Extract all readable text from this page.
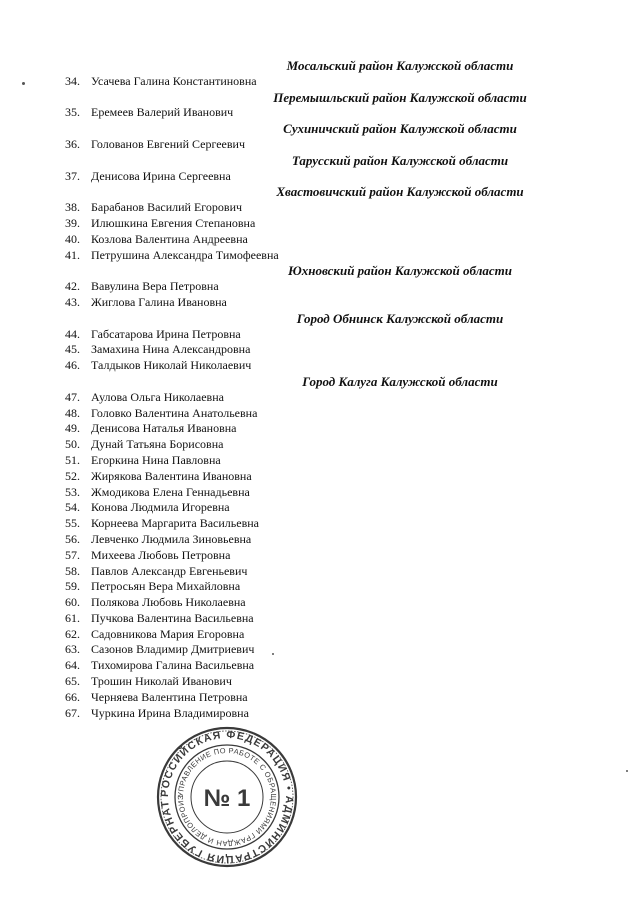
Мосальский район Калужской области
34. Усачева Галина Константиновна
Перемышльский район Калужской области
35. Еремеев Валерий Иванович
Сухиничский район Калужской области
36. Голованов Евгений Сергеевич
Тарусский район Калужской области
37. Денисова Ирина Сергеевна
Хвастовичский район Калужской области
38. Барабанов Василий Егорович
39. Илюшкина Евгения Степановна
40. Козлова Валентина Андреевна
41. Петрушина Александра Тимофеевна
Юхновский район Калужской области
42. Вавулина Вера Петровна
43. Жиглова Галина Ивановна
Город Обнинск Калужской области
44. Габсатарова Ирина Петровна
45. Замахина Нина Александровна
46. Талдыков Николай Николаевич
Город Калуга Калужской области
47. Аулова Ольга Николаевна
48. Головко Валентина Анатольевна
49. Денисова Наталья Ивановна
50. Дунай Татьяна Борисовна
51. Егоркина Нина Павловна
52. Жирякова Валентина Ивановна
53. Жмодикова Елена Геннадьевна
54. Конова Людмила Игоревна
55. Корнеева Маргарита Васильевна
56. Левченко Людмила Зиновьевна
57. Михеева Любовь Петровна
58. Павлов Александр Евгеньевич
59. Петросьян Вера Михайловна
60. Полякова Любовь Николаевна
61. Пучкова Валентина Васильевна
62. Садовникова Мария Егоровна
63. Сазонов Владимир Дмитриевич
64. Тихомирова Галина Васильевна
65. Трошин Николай Иванович
66. Черняева Валентина Петровна
67. Чуркина Ирина Владимировна
РОССИЙСКАЯ ФЕДЕРАЦИЯ • АДМИНИСТРАЦИЯ ГУБЕРНАТ
УПРАВЛЕНИЕ ПО РАБОТЕ С ОБРАЩЕНИЯМИ ГРАЖДАН И ДЕЛОПРОИЗ № 1
